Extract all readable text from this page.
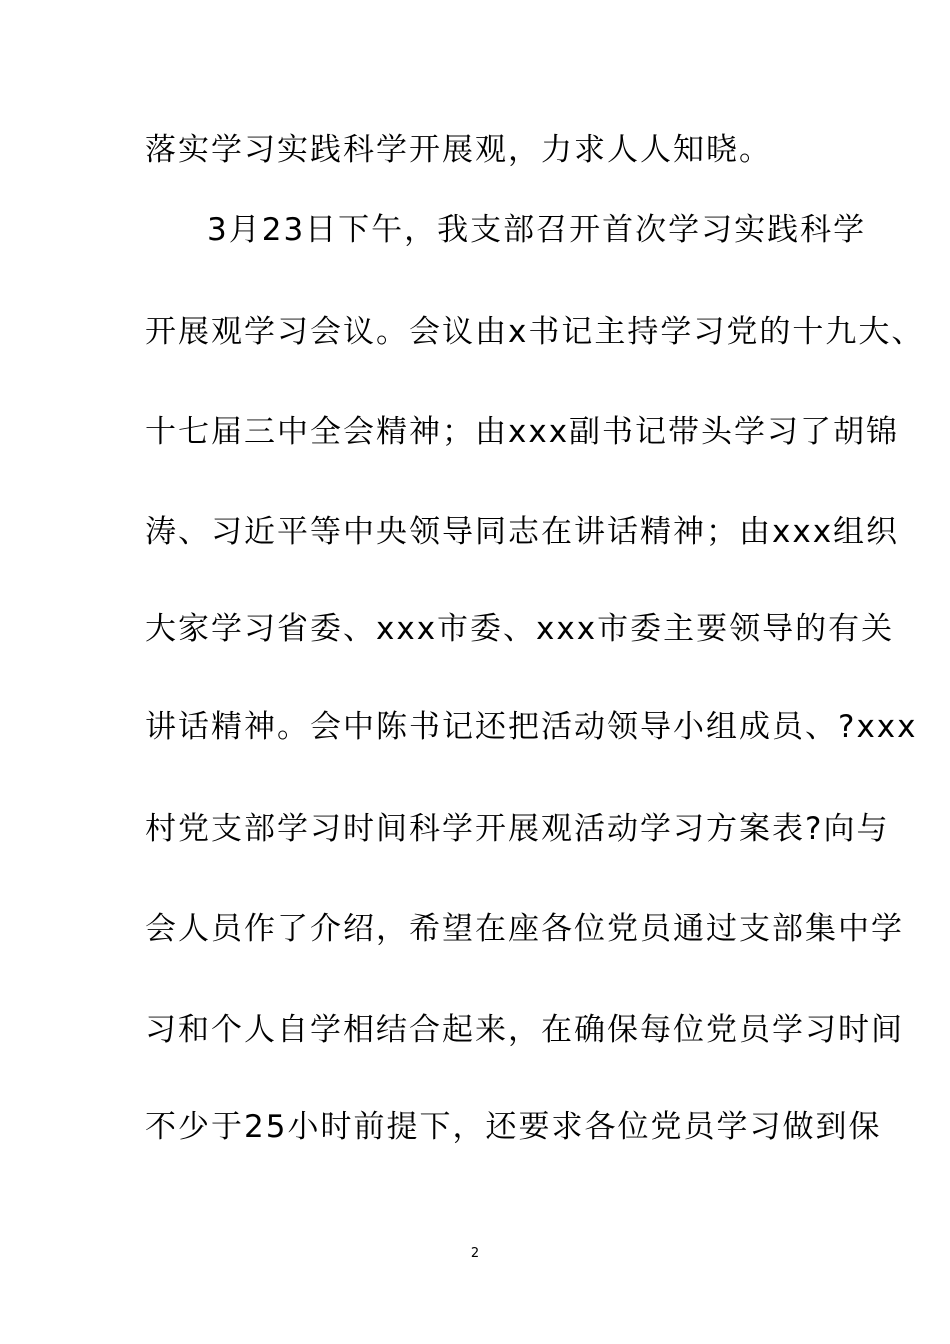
落实学习实践科学开展观，力求人人知晓。
3月23日下午，我支部召开首次学习实践科学
开展观学习会议。会议由x书记主持学习党的十九大、
十七届三中全会精神；由xxx副书记带头学习了胡锦
涛、习近平等中央领导同志在讲话精神；由xxx组织
大家学习省委、xxx市委、xxx市委主要领导的有关
讲话精神。会中陈书记还把活动领导小组成员、?xxx
村党支部学习时间科学开展观活动学习方案表?向与
会人员作了介绍，希望在座各位党员通过支部集中学
习和个人自学相结合起来，在确保每位党员学习时间
不少于25小时前提下，还要求各位党员学习做到保
2
